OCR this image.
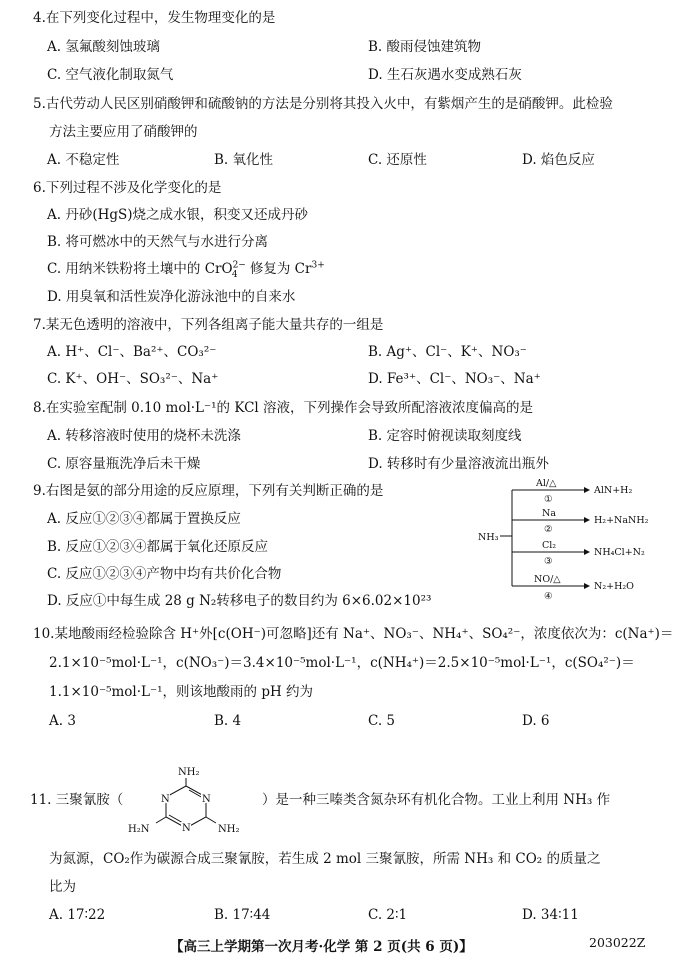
4.在下列变化过程中，发生物理变化的是
A. 氢氟酸刻蚀玻璃	B. 酸雨侵蚀建筑物
C. 空气液化制取氮气	D. 生石灰遇水变成熟石灰
5.古代劳动人民区别硝酸钾和硫酸钠的方法是分别将其投入火中，有紫烟产生的是硝酸钾。此检验
方法主要应用了硝酸钾的
A. 不稳定性	B. 氧化性	C. 还原性	D. 焰色反应
6.下列过程不涉及化学变化的是
A. 丹砂(HgS)烧之成水银，积变又还成丹砂
B. 将可燃冰中的天然气与水进行分离
C. 用纳米铁粉将土壤中的 CrO$^{2-}_4$ 修复为 $Cr^{3+}$
D. 用臭氧和活性炭净化游泳池中的自来水
7.某无色透明的溶液中，下列各组离子能大量共存的一组是
A. H⁺、Cl⁻、Ba²⁺、CO₃²⁻	B. Ag⁺、Cl⁻、K⁺、NO₃⁻
C. K⁺、OH⁻、SO₃²⁻、Na⁺	D. Fe³⁺、Cl⁻、NO₃⁻、Na⁺
8.在实验室配制 0.10 mol·L⁻¹的 KCl 溶液，下列操作会导致所配溶液浓度偏高的是
A. 转移溶液时使用的烧杯未洗涤	B. 定容时俯视读取刻度线
C. 原容量瓶洗净后未干燥	D. 转移时有少量溶液流出瓶外
9.右图是氨的部分用途的反应原理，下列有关判断正确的是
A. 反应①②③④都属于置换反应
B. 反应①②③④都属于氧化还原反应
C. 反应①②③④产物中均有共价化合物
D. 反应①中每生成 28 g N₂转移电子的数目约为 6×6.02×10²³
NH₃
Al/△
①
AlN+H₂
Na
②
H₂+NaNH₂
Cl₂
③
NH₄Cl+N₂
NO/△
④
N₂+H₂O
10.某地酸雨经检验除含 H⁺外[c(OH⁻)可忽略]还有 Na⁺、NO₃⁻、NH₄⁺、SO₄²⁻，浓度依次为：c(Na⁺)＝
2.1×10⁻⁵mol·L⁻¹，c(NO₃⁻)＝3.4×10⁻⁵mol·L⁻¹，c(NH₄⁺)＝2.5×10⁻⁵mol·L⁻¹，c(SO₄²⁻)＝
1.1×10⁻⁵mol·L⁻¹，则该地酸雨的 pH 约为
A. 3	B. 4	C. 5	D. 6
11. 三聚氰胺（
NH₂
N	N
N
H₂N	NH₂
）是一种三嗪类含氮杂环有机化合物。工业上利用 NH₃ 作
为氮源，CO₂作为碳源合成三聚氰胺，若生成 2 mol 三聚氰胺，所需 NH₃ 和 CO₂ 的质量之
比为
A. 17∶22	B. 17∶44	C. 2∶1	D. 34∶11
【高三上学期第一次月考·化学 第 2 页(共 6 页)】	203022Z
